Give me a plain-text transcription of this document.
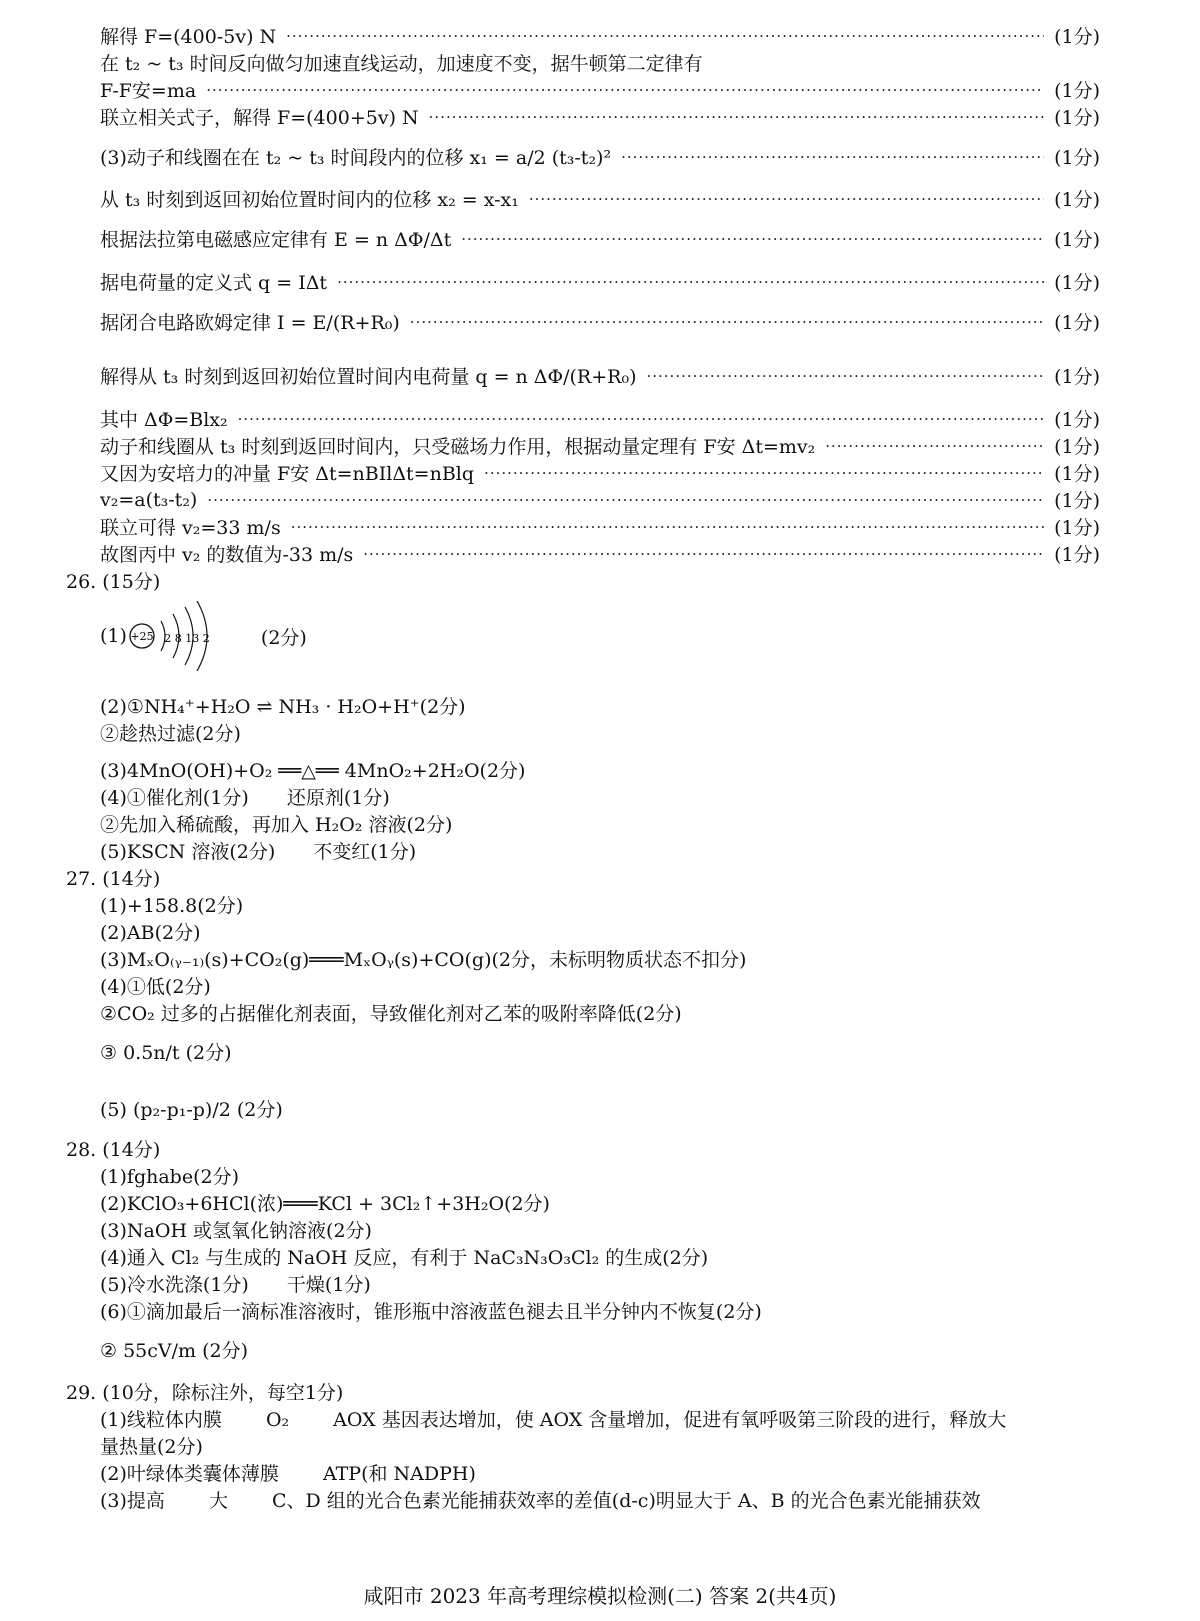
解得 F=(400-5v) N ·····	(1分)
在 t₂ ~ t₃ 时间反向做匀加速直线运动，加速度不变，据牛顿第二定律有
F-F安=ma ·····	(1分)
联立相关式子，解得 F=(400+5v) N ·····	(1分)
(3)动子和线圈在在 t₂ ~ t₃ 时间段内的位移 x₁ = a/2 (t₃-t₂)² ·····	(1分)
从 t₃ 时刻到返回初始位置时间内的位移 x₂ = x-x₁ ·····	(1分)
根据法拉第电磁感应定律有 E = n ΔΦ/Δt ·····	(1分)
据电荷量的定义式 q = IΔt ·····	(1分)
据闭合电路欧姆定律 I = E/(R+R₀) ·····	(1分)
解得从 t₃ 时刻到返回初始位置时间内电荷量 q = n ΔΦ/(R+R₀) ·····	(1分)
其中 ΔΦ=Blx₂ ·····	(1分)
动子和线圈从 t₃ 时刻到返回时间内，只受磁场力作用，根据动量定理有 F安 Δt=mv₂ ·····	(1分)
又因为安培力的冲量 F安 Δt=nBIlΔt=nBlq ·····	(1分)
v₂=a(t₃-t₂) ·····	(1分)
联立可得 v₂=33 m/s ·····	(1分)
故图丙中 v₂ 的数值为-33 m/s ·····	(1分)
26. (15分)
(1) +25 2 8 13 2	(2分)
(2)①NH₄⁺+H₂O ⇌ NH₃ · H₂O+H⁺(2分)
②趁热过滤(2分)
(3)4MnO(OH)+O₂ ══△══ 4MnO₂+2H₂O(2分)
(4)①催化剂(1分)　　还原剂(1分)
②先加入稀硫酸，再加入 H₂O₂ 溶液(2分)
(5)KSCN 溶液(2分)　　不变红(1分)
27. (14分)
(1)+158.8(2分)
(2)AB(2分)
(3)MₓO₍ᵧ₋₁₎(s)+CO₂(g)═══MₓOᵧ(s)+CO(g)(2分，未标明物质状态不扣分)
(4)①低(2分)
②CO₂ 过多的占据催化剂表面，导致催化剂对乙苯的吸附率降低(2分)
③ 0.5n/t (2分)
(5) (p₂-p₁-p)/2 (2分)
28. (14分)
(1)fghabe(2分)
(2)KClO₃+6HCl(浓)═══KCl + 3Cl₂↑+3H₂O(2分)
(3)NaOH 或氢氧化钠溶液(2分)
(4)通入 Cl₂ 与生成的 NaOH 反应，有利于 NaC₃N₃O₃Cl₂ 的生成(2分)
(5)冷水洗涤(1分)　　干燥(1分)
(6)①滴加最后一滴标准溶液时，锥形瓶中溶液蓝色褪去且半分钟内不恢复(2分)
② 55cV/m (2分)
29. (10分，除标注外，每空1分)
(1)线粒体内膜　　 O₂　　 AOX 基因表达增加，使 AOX 含量增加，促进有氧呼吸第三阶段的进行，释放大
量热量(2分)
(2)叶绿体类囊体薄膜　　 ATP(和 NADPH)
(3)提高　　 大　　 C、D 组的光合色素光能捕获效率的差值(d-c)明显大于 A、B 的光合色素光能捕获效
咸阳市 2023 年高考理综模拟检测(二) 答案 2(共4页)
